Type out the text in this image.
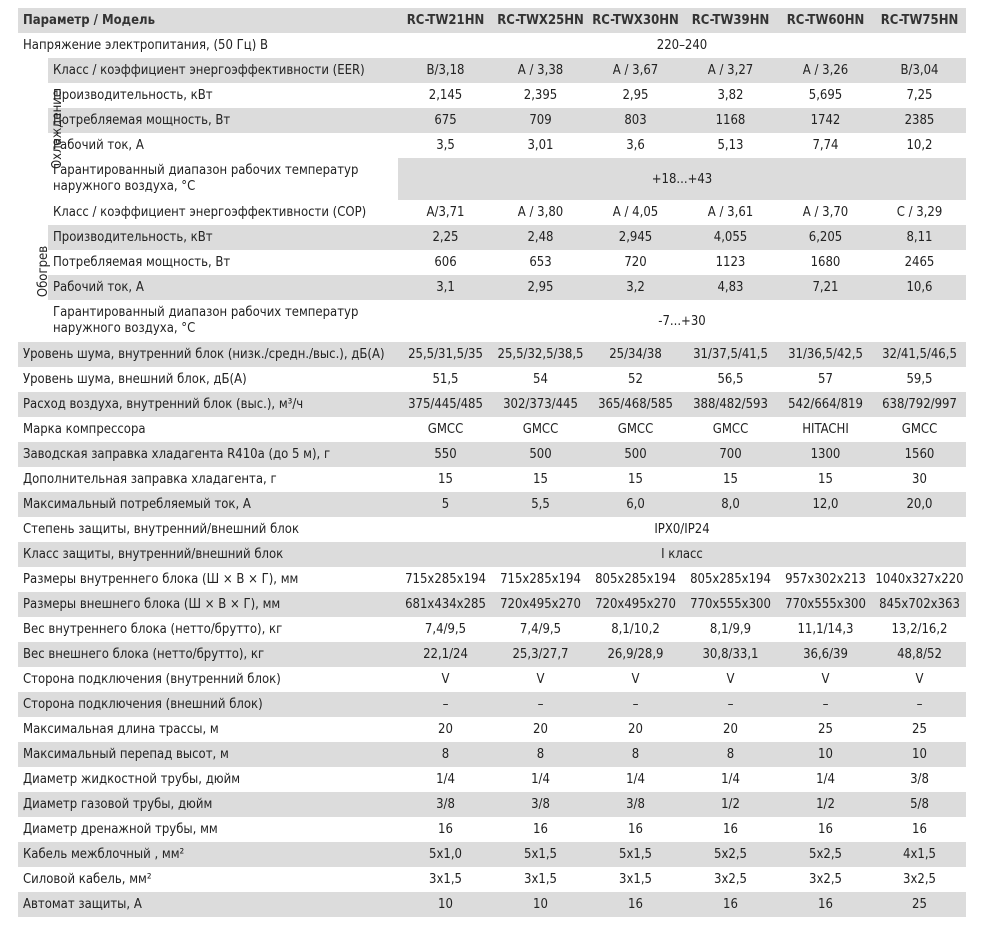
Параметр / Модель		RC-TW21HN	RC-TWX25HN	RC-TWX30HN	RC-TW39HN	RC-TW60HN	RC-TW75HN
Напряжение электропитания, (50 Гц) В		220–240					
Охлаждение	Класс / коэффициент энергоэффективности (EER)	B/3,18	A / 3,38	A / 3,67	A / 3,27	A / 3,26	B/3,04
	Производительность, кВт	2,145	2,395	2,95	3,82	5,695	7,25
	Потребляемая мощность, Вт	675	709	803	1168	1742	2385
	Рабочий ток, А	3,5	3,01	3,6	5,13	7,74	10,2
	Гарантированный диапазон рабочих температур наружного воздуха, °С	+18...+43					
Обогрев	Класс / коэффициент энергоэффективности (COP)	A/3,71	A / 3,80	A / 4,05	A / 3,61	A / 3,70	C / 3,29
	Производительность, кВт	2,25	2,48	2,945	4,055	6,205	8,11
	Потребляемая мощность, Вт	606	653	720	1123	1680	2465
	Рабочий ток, А	3,1	2,95	3,2	4,83	7,21	10,6
	Гарантированный диапазон рабочих температур наружного воздуха, °С	-7...+30					
Уровень шума, внутренний блок (низк./средн./выс.), дБ(А)		25,5/31,5/35	25,5/32,5/38,5	25/34/38	31/37,5/41,5	31/36,5/42,5	32/41,5/46,5
Уровень шума, внешний блок, дБ(А)		51,5	54	52	56,5	57	59,5
Расход воздуха, внутренний блок (выс.), м³/ч		375/445/485	302/373/445	365/468/585	388/482/593	542/664/819	638/792/997
Марка компрессора		GMCC	GMCC	GMCC	GMCC	HITACHI	GMCC
Заводская заправка хладагента R410a (до 5 м), г		550	500	500	700	1300	1560
Дополнительная заправка хладагента, г		15	15	15	15	15	30
Максимальный потребляемый ток, А		5	5,5	6,0	8,0	12,0	20,0
Степень защиты, внутренний/внешний блок		IPX0/IP24					
Класс защиты, внутренний/внешний блок		I класс					
Размеры внутреннего блока (Ш × В × Г), мм		715x285x194	715x285x194	805x285x194	805x285x194	957x302x213	1040x327x220
Размеры внешнего блока (Ш × В × Г), мм		681x434x285	720x495x270	720x495x270	770x555x300	770x555x300	845x702x363
Вес внутреннего блока (нетто/брутто), кг		7,4/9,5	7,4/9,5	8,1/10,2	8,1/9,9	11,1/14,3	13,2/16,2
Вес внешнего блока (нетто/брутто), кг		22,1/24	25,3/27,7	26,9/28,9	30,8/33,1	36,6/39	48,8/52
Сторона подключения (внутренний блок)		V	V	V	V	V	V
Сторона подключения (внешний блок)		–	–	–	–	–	–
Максимальная длина трассы, м		20	20	20	20	25	25
Максимальный перепад высот, м		8	8	8	8	10	10
Диаметр жидкостной трубы, дюйм		1/4	1/4	1/4	1/4	1/4	3/8
Диаметр газовой трубы, дюйм		3/8	3/8	3/8	1/2	1/2	5/8
Диаметр дренажной трубы, мм		16	16	16	16	16	16
Кабель межблочный , мм²		5x1,0	5x1,5	5x1,5	5x2,5	5x2,5	4x1,5
Силовой кабель, мм²		3x1,5	3x1,5	3x1,5	3x2,5	3x2,5	3x2,5
Автомат защиты, А		10	10	16	16	16	25
